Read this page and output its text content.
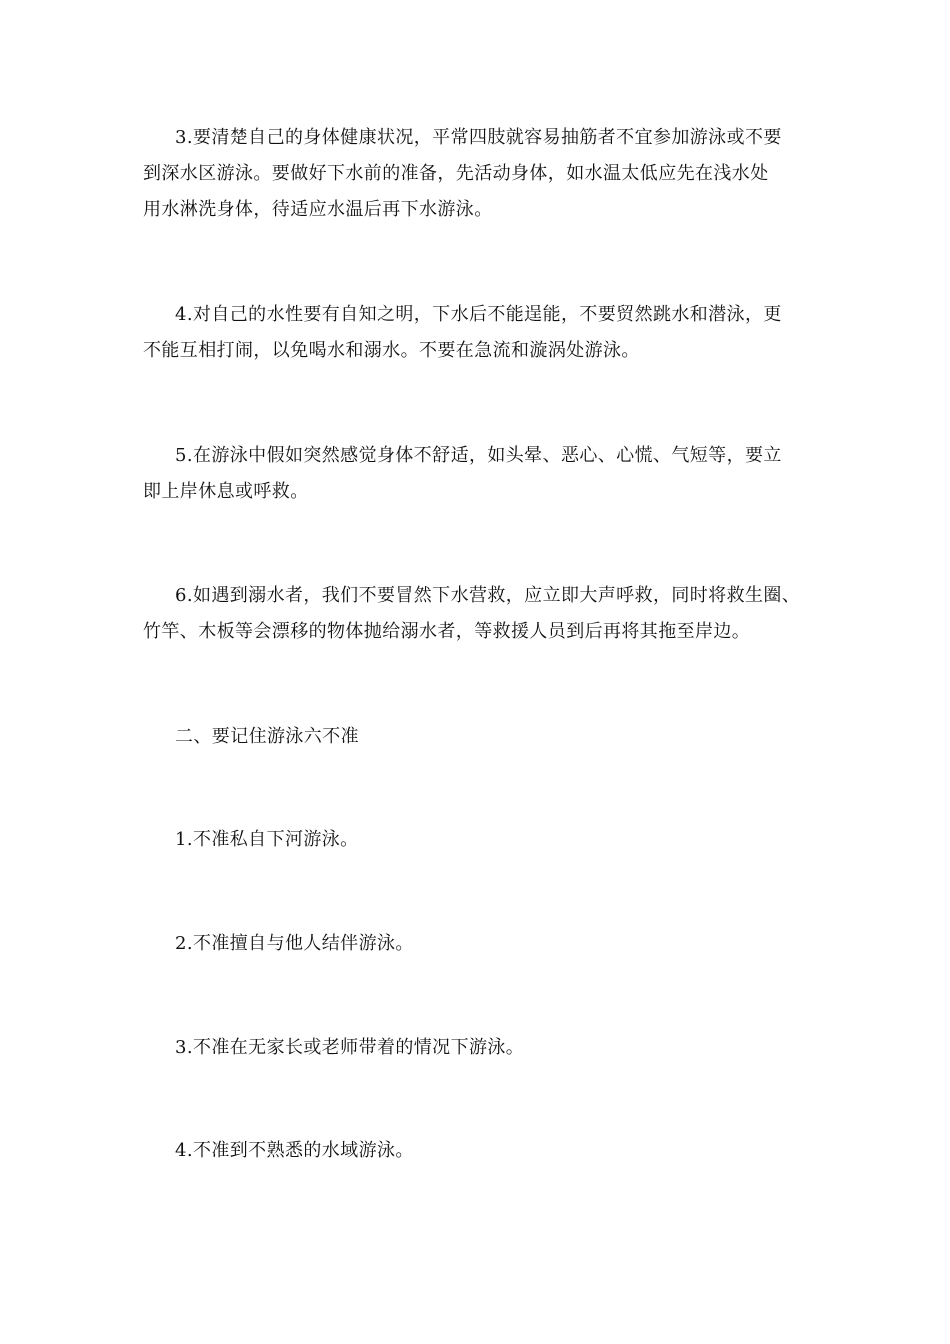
3.要清楚自己的身体健康状况，平常四肢就容易抽筋者不宜参加游泳或不要
到深水区游泳。要做好下水前的准备，先活动身体，如水温太低应先在浅水处
用水淋洗身体，待适应水温后再下水游泳。

4.对自己的水性要有自知之明，下水后不能逞能，不要贸然跳水和潜泳，更
不能互相打闹，以免喝水和溺水。不要在急流和漩涡处游泳。

5.在游泳中假如突然感觉身体不舒适，如头晕、恶心、心慌、气短等，要立
即上岸休息或呼救。

6.如遇到溺水者，我们不要冒然下水营救，应立即大声呼救，同时将救生圈、
竹竿、木板等会漂移的物体抛给溺水者，等救援人员到后再将其拖至岸边。

二、要记住游泳六不准

1.不准私自下河游泳。

2.不准擅自与他人结伴游泳。

3.不准在无家长或老师带着的情况下游泳。

4.不准到不熟悉的水域游泳。
